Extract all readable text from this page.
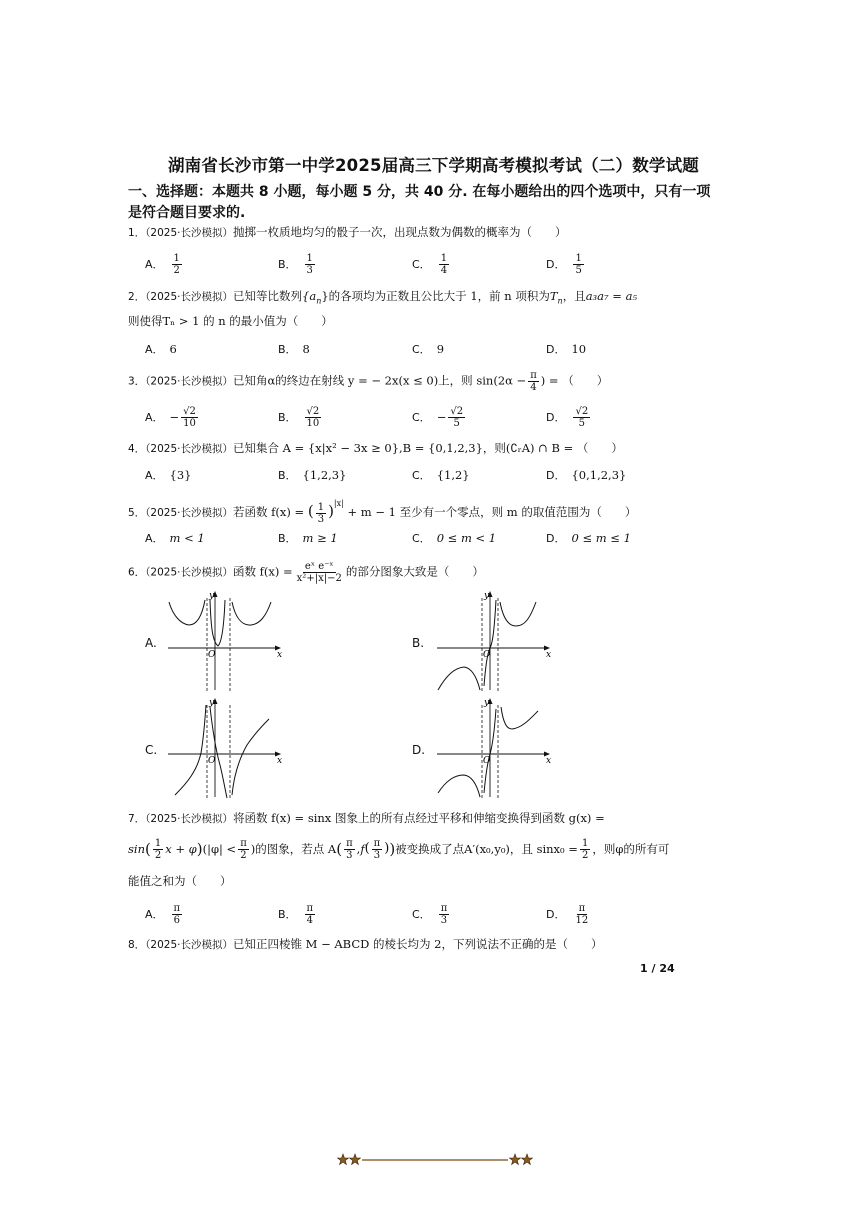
湖南省长沙市第一中学2025届高三下学期高考模拟考试（二）数学试题
一、选择题：本题共 8 小题，每小题 5 分，共 40 分. 在每小题给出的四个选项中，只有一项是符合题目要求的.
1．（2025·长沙模拟）抛掷一枚质地均匀的骰子一次，出现点数为偶数的概率为（　　）
A． $\frac{1}{2}$	B． $\frac{1}{3}$	C． $\frac{1}{4}$	D． $\frac{1}{5}$
2．（2025·长沙模拟）已知等比数列$\{a_n\}$的各项均为正数且公比大于 1，前 n 项积为$T_n$，且a₃a₇ = a₅
则使得Tₙ > 1 的 n 的最小值为（　　）
A． 6	B． 8	C． 9	D． 10
3．（2025·长沙模拟）已知角α的终边在射线 y = − 2x(x ≤ 0)上，则 $\sin(2\alpha - \frac{\pi}{4}$ ) = （　　）
A． − $\frac{√2}{10}$	B． $\frac{√2}{10}$	C． − $\frac{√2}{5}$	D． $\frac{√2}{5}$
4．（2025·长沙模拟）已知集合 A = {x|x² − 3x ≥ 0},B = {0,1,2,3}，则(∁ᵣA) ∩ B = （　　）
A． {3}	B． {1,2,3}	C． {1,2}	D． {0,1,2,3}
5．（2025·长沙模拟）若函数 f(x) = ( $\frac{1}{3} )^{|x|} + m - 1$ 至少有一个零点，则 m 的取值范围为（　　）
A． m < 1	B． m ≥ 1	C． 0 ≤ m < 1	D． 0 ≤ m ≤ 1
6．（2025·长沙模拟）函数 $f(x) = \frac{\text{eˣ e⁻ˣ}}{\text{x²+|x|−2}}$ 的部分图象大致是（　　）
A.	B.
C.	D.
x
y
O	x
y
O
x
y
O	x
y
O
7．（2025·长沙模拟）将函数 f(x) = sinx 图象上的所有点经过平移和伸缩变换得到函数 g(x) =
sin ( $\frac{1}{2}$ x + φ ) ($|\varphi| < \frac{\pi}{2}$ )的图象，若点 A ( $\frac{\pi}{3}$ , f ( $\frac{\pi}{3}$ ) ) 被变换成了点A′(x₀,y₀)，且 $\sin x_0 = \frac{1}{2}$ ，则φ的所有可
能值之和为（　　）
A． $\frac{\pi}{6}$	B． $\frac{\pi}{4}$	C． $\frac{\pi}{3}$	D． $\frac{\pi}{12}$
8．（2025·长沙模拟）已知正四棱锥 M − ABCD 的棱长均为 2，下列说法不正确的是（　　）
1 / 24
